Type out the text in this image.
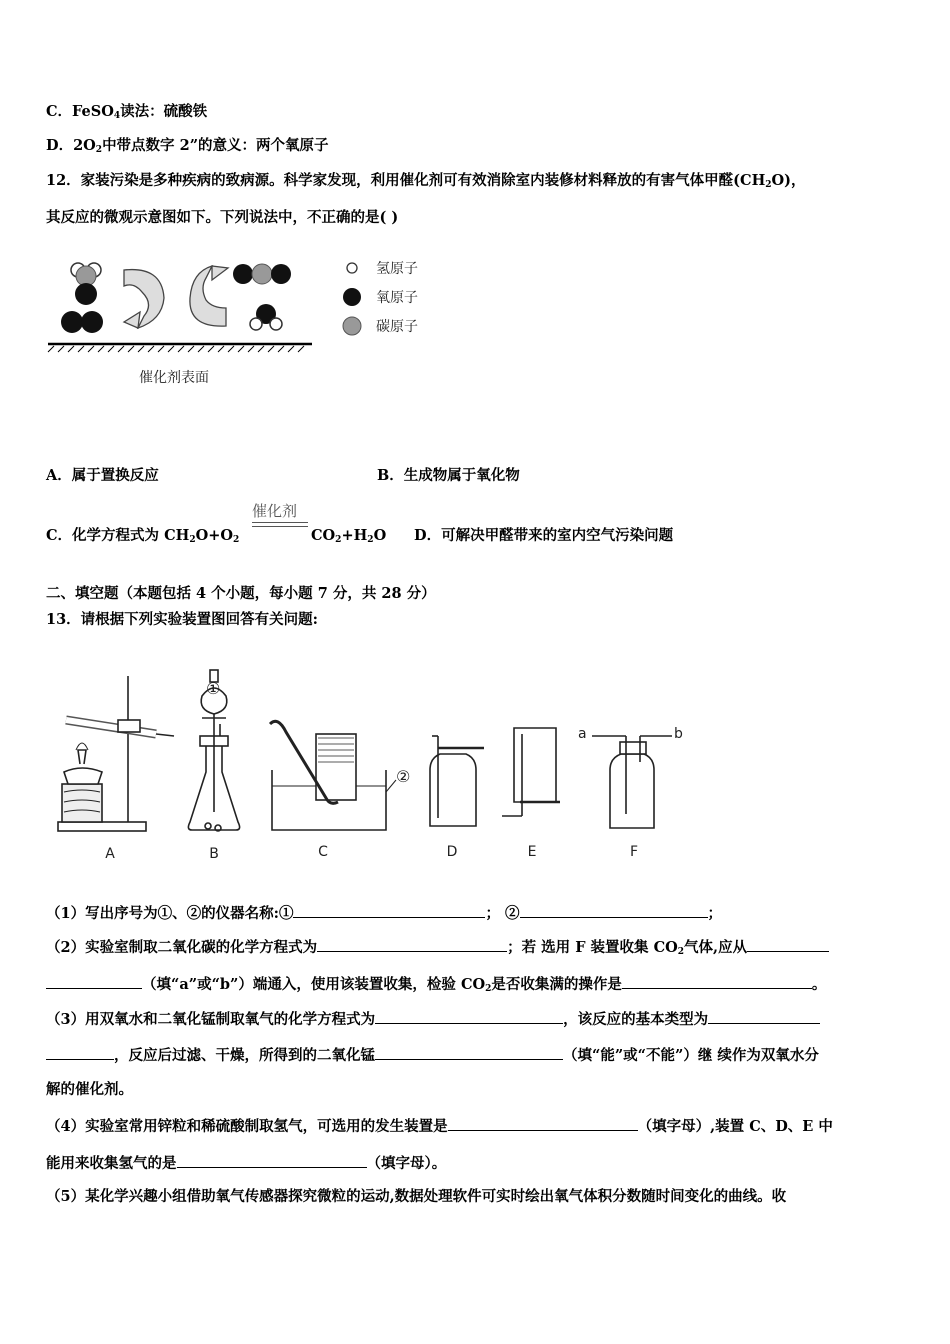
C．FeSO$_4$读法：硫酸铁
D．$2O_2$中带点数字 2”的意义：两个氧原子
12．家装污染是多种疾病的致病源。科学家发现，利用催化剂可有效消除室内装修材料释放的有害气体甲醛$(CH_2O)$，
其反应的微观示意图如下。下列说法中，不正确的是( )
催化剂表面
氢原子
氧原子
碳原子
A．属于置换反应	B．生成物属于氧化物
催化剂
C．化学方程式为 $CH_2O+O_2$	$CO_2+H_2O$ D．可解决甲醛带来的室内空气污染问题
二、填空题（本题包括 4 个小题，每小题 7 分，共 28 分）
13．请根据下列实验装置图回答有关问题:
A
①
B
②
C	D	E
a	b
F
（1）写出序号为①、②的仪器名称:①	； ②	；
（2）实验室制取二氧化碳的化学方程式为	；若 选用 F 装置收集 $CO_2$气体,应从
（填“a”或“b”）端通入，使用该装置收集，检验 $CO_2$是否收集满的操作是	。
（3）用双氧水和二氧化锰制取氧气的化学方程式为	，该反应的基本类型为
，反应后过滤、干燥，所得到的二氧化锰	（填“能”或“不能”）继 续作为双氧水分
解的催化剂。
（4）实验室常用锌粒和稀硫酸制取氢气，可选用的发生装置是	（填字母）,装置 C、D、E 中
能用来收集氢气的是	（填字母）。
（5）某化学兴趣小组借助氧气传感器探究微粒的运动,数据处理软件可实时绘出氧气体积分数随时间变化的曲线。收
